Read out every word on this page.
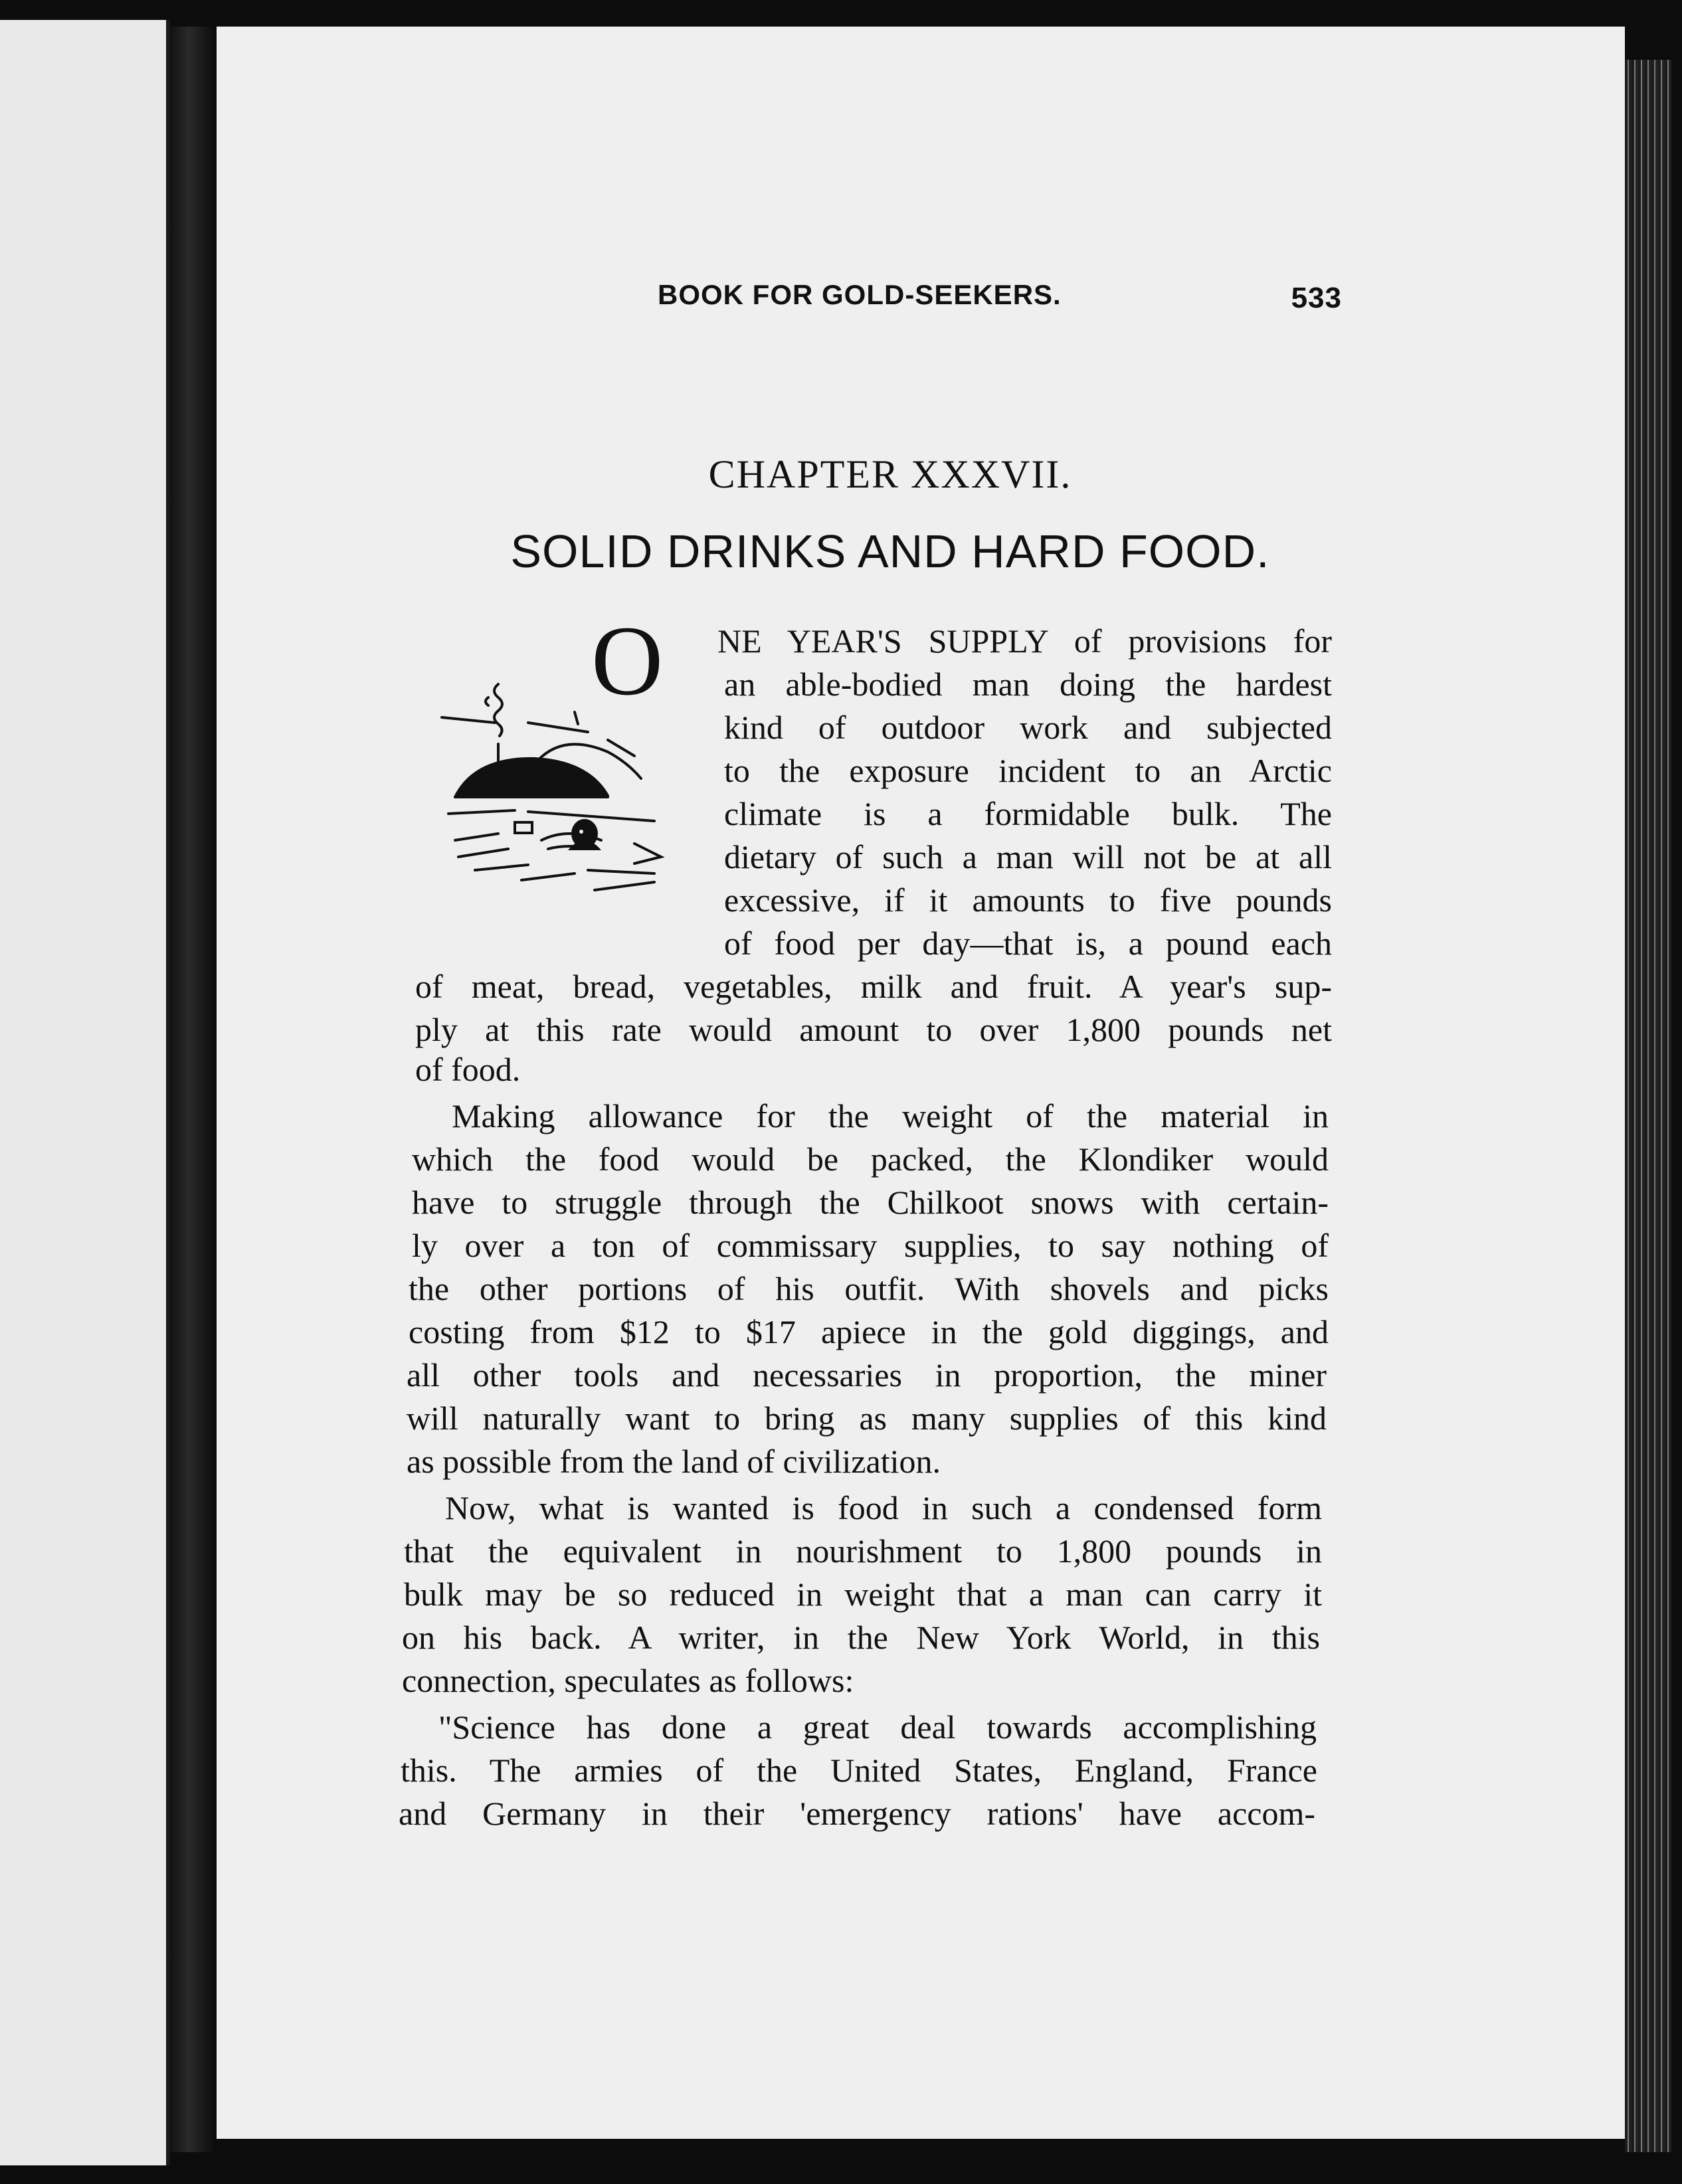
BOOK FOR GOLD-SEEKERS.	533
CHAPTER XXXVII.
SOLID DRINKS AND HARD FOOD.
O NE YEAR'S SUPPLY of provisions for
an able-bodied man doing the hardest
kind of outdoor work and subjected
to the exposure incident to an Arctic
climate is a formidable bulk. The
dietary of such a man will not be at all
excessive, if it amounts to five pounds
of food per day—that is, a pound each
of meat, bread, vegetables, milk and fruit. A year's sup-
ply at this rate would amount to over 1,800 pounds net
of food.
Making allowance for the weight of the material in
which the food would be packed, the Klondiker would
have to struggle through the Chilkoot snows with certain-
ly over a ton of commissary supplies, to say nothing of
the other portions of his outfit. With shovels and picks
costing from $12 to $17 apiece in the gold diggings, and
all other tools and necessaries in proportion, the miner
will naturally want to bring as many supplies of this kind
as possible from the land of civilization.
Now, what is wanted is food in such a condensed form
that the equivalent in nourishment to 1,800 pounds in
bulk may be so reduced in weight that a man can carry it
on his back. A writer, in the New York World, in this
connection, speculates as follows:
"Science has done a great deal towards accomplishing
this. The armies of the United States, England, France
and Germany in their 'emergency rations' have accom-
